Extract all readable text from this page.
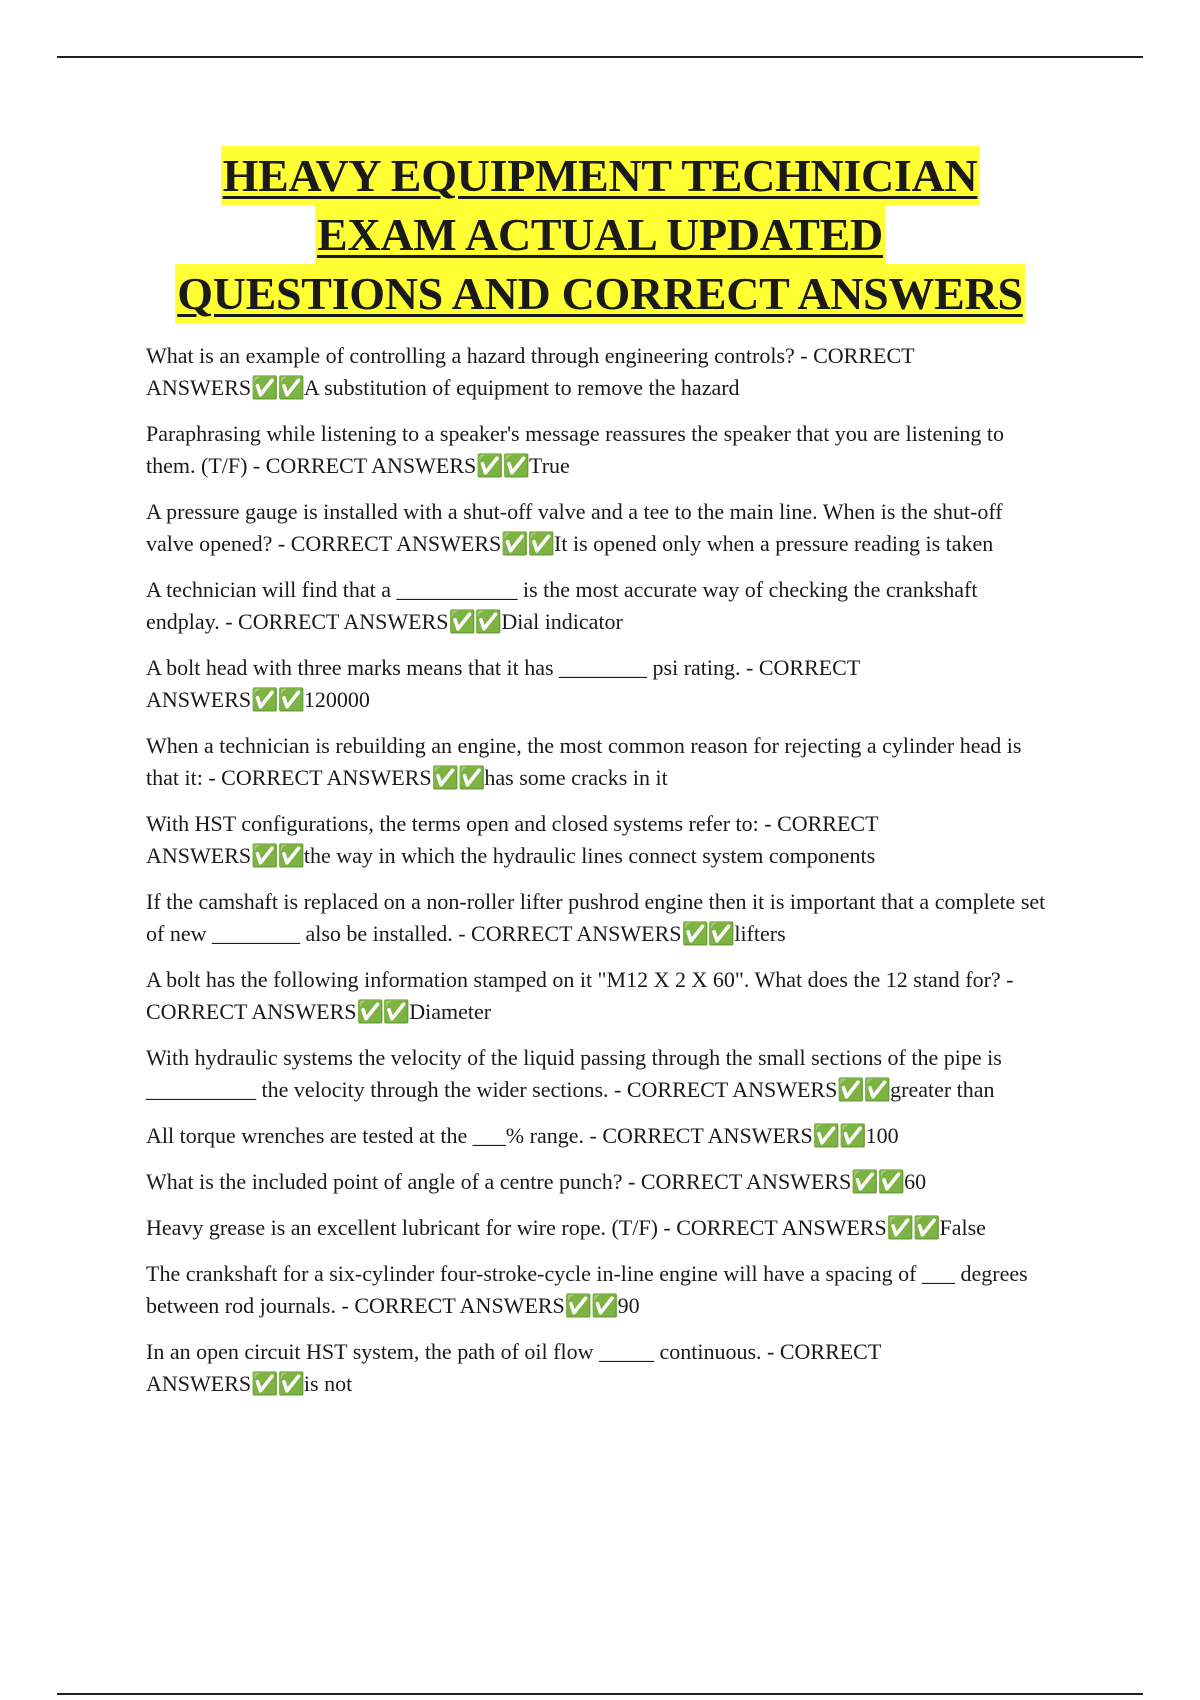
HEAVY EQUIPMENT TECHNICIAN
EXAM ACTUAL UPDATED
QUESTIONS AND CORRECT ANSWERS

What is an example of controlling a hazard through engineering controls? - CORRECT ANSWERS✅✅A substitution of equipment to remove the hazard

Paraphrasing while listening to a speaker's message reassures the speaker that you are listening to them. (T/F) - CORRECT ANSWERS✅✅True

A pressure gauge is installed with a shut-off valve and a tee to the main line. When is the shut-off valve opened? - CORRECT ANSWERS✅✅It is opened only when a pressure reading is taken

A technician will find that a ___________ is the most accurate way of checking the crankshaft endplay. - CORRECT ANSWERS✅✅Dial indicator

A bolt head with three marks means that it has ________ psi rating. - CORRECT ANSWERS✅✅120000

When a technician is rebuilding an engine, the most common reason for rejecting a cylinder head is that it: - CORRECT ANSWERS✅✅has some cracks in it

With HST configurations, the terms open and closed systems refer to: - CORRECT ANSWERS✅✅the way in which the hydraulic lines connect system components

If the camshaft is replaced on a non-roller lifter pushrod engine then it is important that a complete set of new ________ also be installed. - CORRECT ANSWERS✅✅lifters

A bolt has the following information stamped on it "M12 X 2 X 60". What does the 12 stand for? - CORRECT ANSWERS✅✅Diameter

With hydraulic systems the velocity of the liquid passing through the small sections of the pipe is __________ the velocity through the wider sections. - CORRECT ANSWERS✅✅greater than

All torque wrenches are tested at the ___% range. - CORRECT ANSWERS✅✅100

What is the included point of angle of a centre punch? - CORRECT ANSWERS✅✅60

Heavy grease is an excellent lubricant for wire rope. (T/F) - CORRECT ANSWERS✅✅False

The crankshaft for a six-cylinder four-stroke-cycle in-line engine will have a spacing of ___ degrees between rod journals. - CORRECT ANSWERS✅✅90

In an open circuit HST system, the path of oil flow _____ continuous. - CORRECT ANSWERS✅✅is not
